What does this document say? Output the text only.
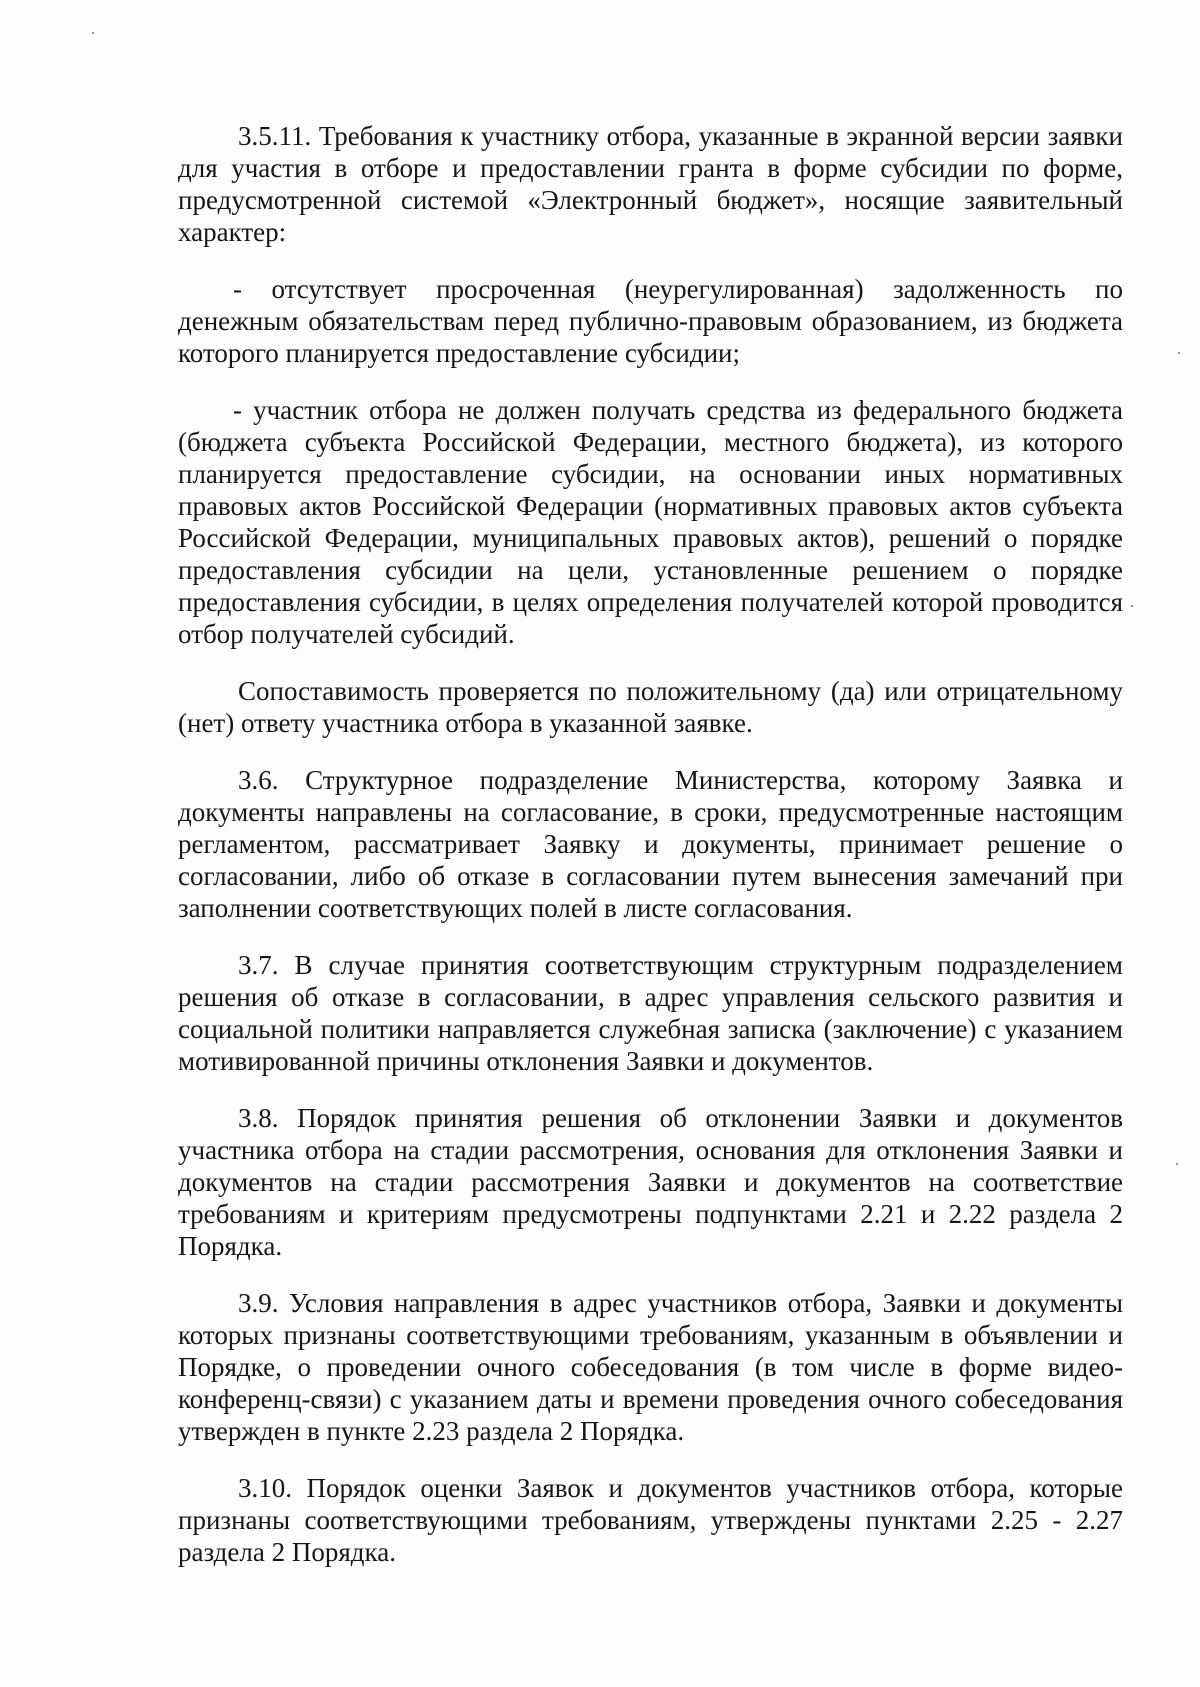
3.5.11. Требования к участнику отбора, указанные в экранной версии заявки для участия в отборе и предоставлении гранта в форме субсидии по форме, предусмотренной системой «Электронный бюджет», носящие заявительный характер:

- отсутствует просроченная (неурегулированная) задолженность по денежным обязательствам перед публично-правовым образованием, из бюджета которого планируется предоставление субсидии;

- участник отбора не должен получать средства из федерального бюджета (бюджета субъекта Российской Федерации, местного бюджета), из которого планируется предоставление субсидии, на основании иных нормативных правовых актов Российской Федерации (нормативных правовых актов субъекта Российской Федерации, муниципальных правовых актов), решений о порядке предоставления субсидии на цели, установленные решением о порядке предоставления субсидии, в целях определения получателей которой проводится отбор получателей субсидий.

Сопоставимость проверяется по положительному (да) или отрицательному (нет) ответу участника отбора в указанной заявке.

3.6. Структурное подразделение Министерства, которому Заявка и документы направлены на согласование, в сроки, предусмотренные настоящим регламентом, рассматривает Заявку и документы, принимает решение о согласовании, либо об отказе в согласовании путем вынесения замечаний при заполнении соответствующих полей в листе согласования.

3.7. В случае принятия соответствующим структурным подразделением решения об отказе в согласовании, в адрес управления сельского развития и социальной политики направляется служебная записка (заключение) с указанием мотивированной причины отклонения Заявки и документов.

3.8. Порядок принятия решения об отклонении Заявки и документов участника отбора на стадии рассмотрения, основания для отклонения Заявки и документов на стадии рассмотрения Заявки и документов на соответствие требованиям и критериям предусмотрены подпунктами 2.21 и 2.22 раздела 2 Порядка.

3.9. Условия направления в адрес участников отбора, Заявки и документы которых признаны соответствующими требованиям, указанным в объявлении и Порядке, о проведении очного собеседования (в том числе в форме видео-конференц-связи) с указанием даты и времени проведения очного собеседования утвержден в пункте 2.23 раздела 2 Порядка.

3.10. Порядок оценки Заявок и документов участников отбора, которые признаны соответствующими требованиям, утверждены пунктами 2.25 - 2.27 раздела 2 Порядка.
